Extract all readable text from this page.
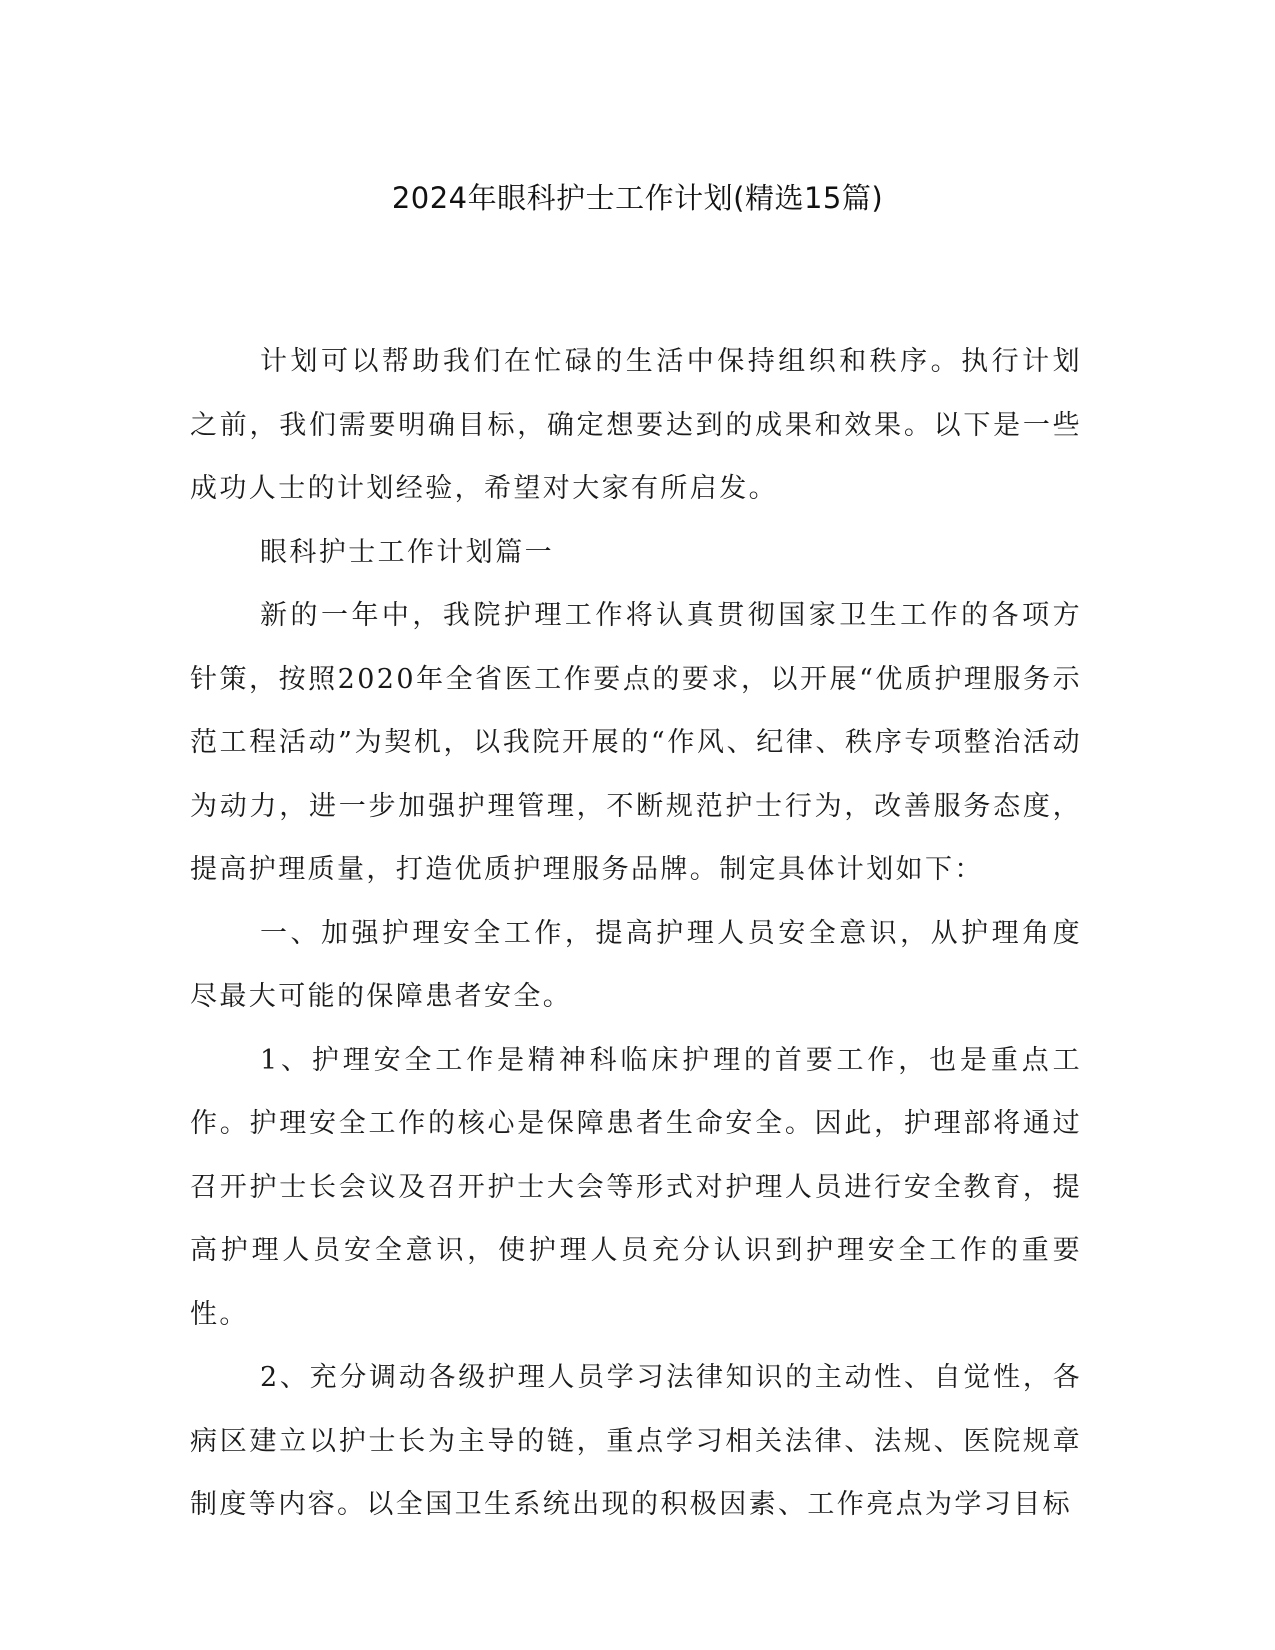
2024年眼科护士工作计划(精选15篇)

计划可以帮助我们在忙碌的生活中保持组织和秩序。执行计划之前，我们需要明确目标，确定想要达到的成果和效果。以下是一些成功人士的计划经验，希望对大家有所启发。

眼科护士工作计划篇一

新的一年中，我院护理工作将认真贯彻国家卫生工作的各项方针策，按照2020年全省医工作要点的要求，以开展“优质护理服务示范工程活动”为契机，以我院开展的“作风、纪律、秩序专项整治活动为动力，进一步加强护理管理，不断规范护士行为，改善服务态度，提高护理质量，打造优质护理服务品牌。制定具体计划如下：

一、加强护理安全工作，提高护理人员安全意识，从护理角度尽最大可能的保障患者安全。

1、护理安全工作是精神科临床护理的首要工作，也是重点工作。护理安全工作的核心是保障患者生命安全。因此，护理部将通过召开护士长会议及召开护士大会等形式对护理人员进行安全教育，提高护理人员安全意识，使护理人员充分认识到护理安全工作的重要性。

2、充分调动各级护理人员学习法律知识的主动性、自觉性，各病区建立以护士长为主导的链，重点学习相关法律、法规、医院规章制度等内容。以全国卫生系统出现的积极因素、工作亮点为学习目标
